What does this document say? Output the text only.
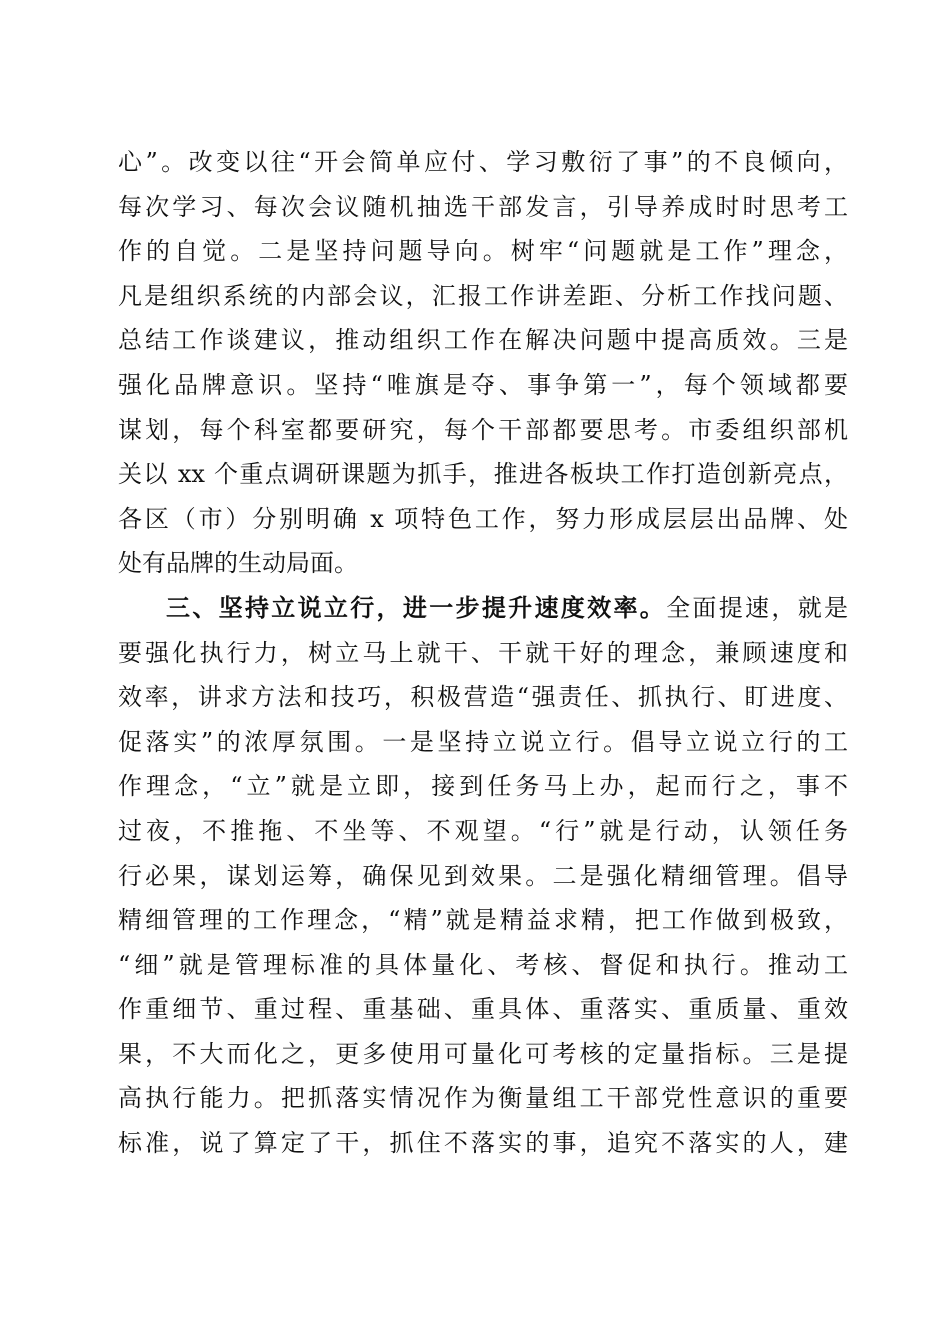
心”。改变以往“开会简单应付、学习敷衍了事”的不良倾向，
每次学习、每次会议随机抽选干部发言，引导养成时时思考工
作的自觉。二是坚持问题导向。树牢“问题就是工作”理念，
凡是组织系统的内部会议，汇报工作讲差距、分析工作找问题、
总结工作谈建议，推动组织工作在解决问题中提高质效。三是
强化品牌意识。坚持“唯旗是夺、事争第一”，每个领域都要
谋划，每个科室都要研究，每个干部都要思考。市委组织部机
关以 xx 个重点调研课题为抓手，推进各板块工作打造创新亮点，
各区（市）分别明确 x 项特色工作，努力形成层层出品牌、处
处有品牌的生动局面。
三、坚持立说立行，进一步提升速度效率。全面提速，就是
要强化执行力，树立马上就干、干就干好的理念，兼顾速度和
效率，讲求方法和技巧，积极营造“强责任、抓执行、盯进度、
促落实”的浓厚氛围。一是坚持立说立行。倡导立说立行的工
作理念，“立”就是立即，接到任务马上办，起而行之，事不
过夜，不推拖、不坐等、不观望。“行”就是行动，认领任务
行必果，谋划运筹，确保见到效果。二是强化精细管理。倡导
精细管理的工作理念，“精”就是精益求精，把工作做到极致，
“细”就是管理标准的具体量化、考核、督促和执行。推动工
作重细节、重过程、重基础、重具体、重落实、重质量、重效
果，不大而化之，更多使用可量化可考核的定量指标。三是提
高执行能力。把抓落实情况作为衡量组工干部党性意识的重要
标准，说了算定了干，抓住不落实的事，追究不落实的人，建
